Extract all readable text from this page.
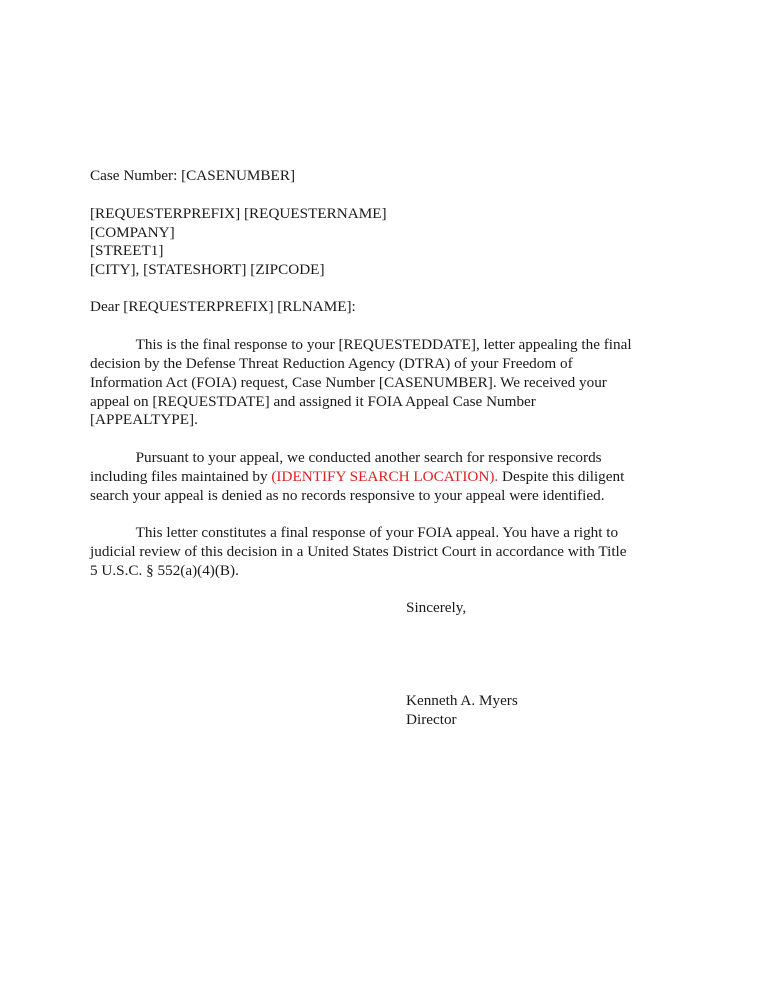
Case Number: [CASENUMBER]
[REQUESTERPREFIX] [REQUESTERNAME]
[COMPANY]
[STREET1]
[CITY], [STATESHORT] [ZIPCODE]
Dear [REQUESTERPREFIX] [RLNAME]:
This is the final response to your [REQUESTEDDATE], letter appealing the final
decision by the Defense Threat Reduction Agency (DTRA) of your Freedom of
Information Act (FOIA) request, Case Number [CASENUMBER]. We received your
appeal on [REQUESTDATE] and assigned it FOIA Appeal Case Number
[APPEALTYPE].
Pursuant to your appeal, we conducted another search for responsive records
including files maintained by (IDENTIFY SEARCH LOCATION). Despite this diligent
search your appeal is denied as no records responsive to your appeal were identified.
This letter constitutes a final response of your FOIA appeal. You have a right to
judicial review of this decision in a United States District Court in accordance with Title
5 U.S.C. § 552(a)(4)(B).
Sincerely,
Kenneth A. Myers
Director
